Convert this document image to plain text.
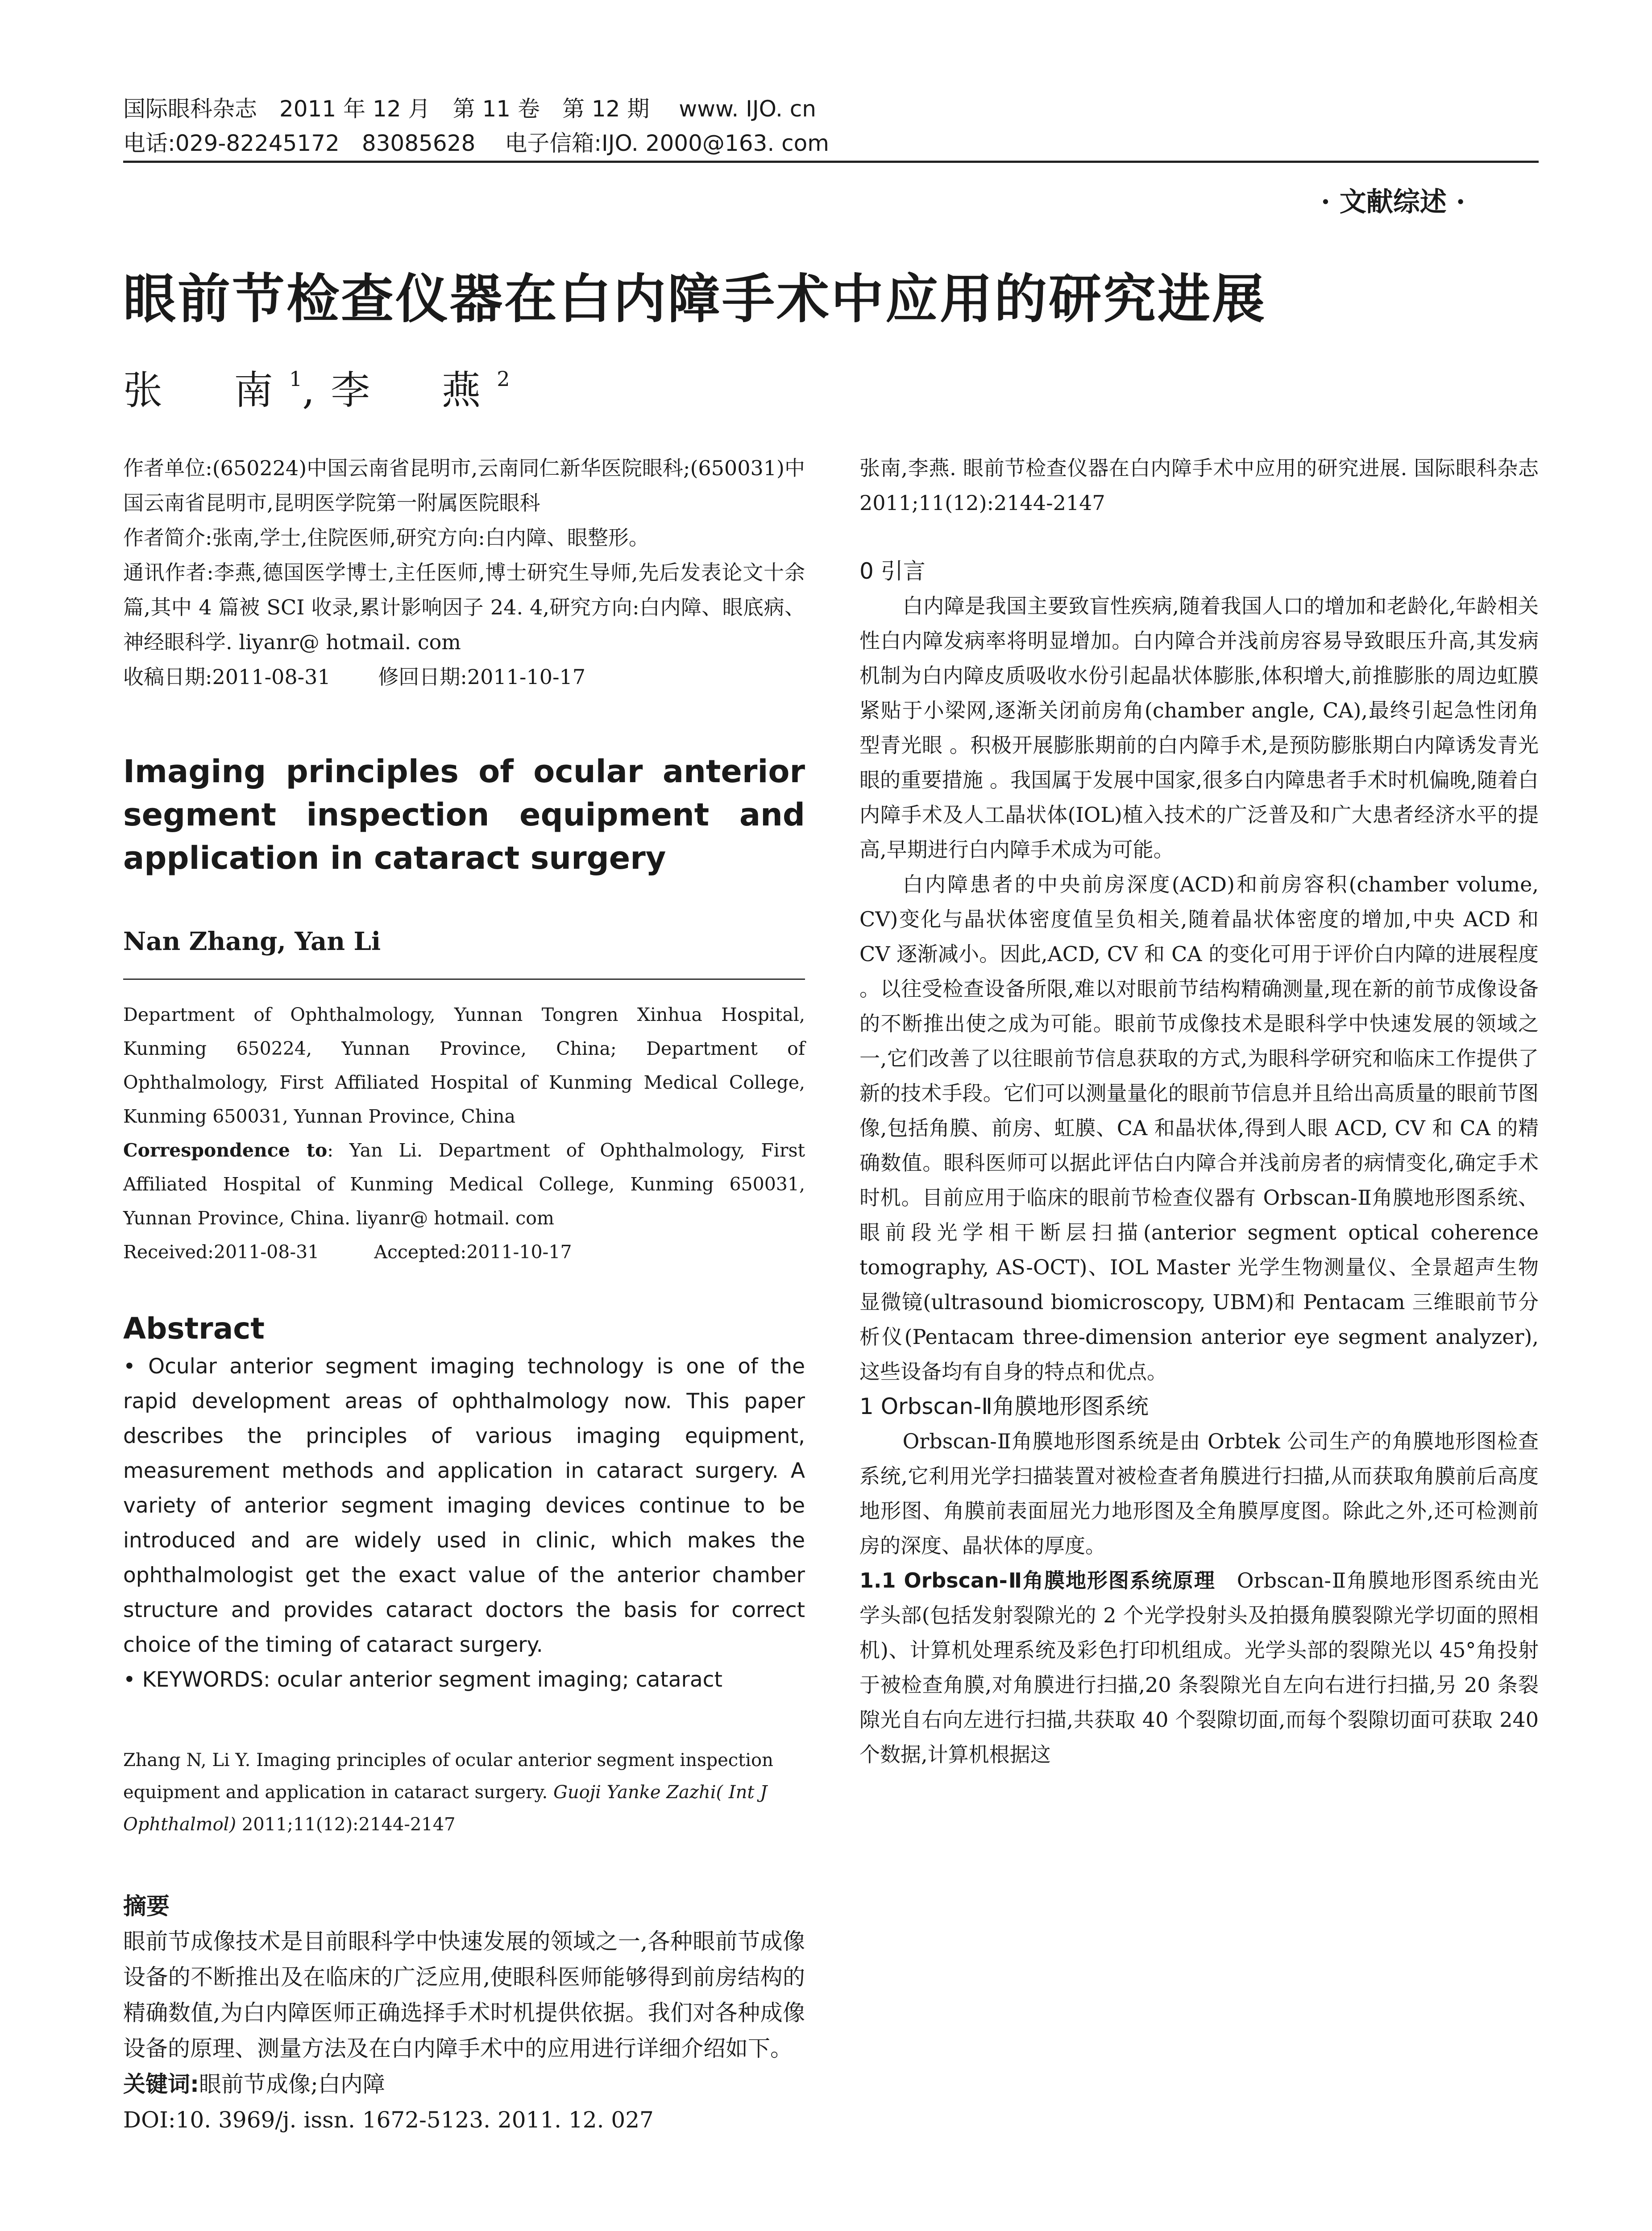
国际眼科杂志　2011 年 12 月　第 11 卷　第 12 期　 www. IJO. cn
电话:029-82245172　83085628　 电子信箱:IJO. 2000@163. com
· 文献综述 ·
眼前节检查仪器在白内障手术中应用的研究进展
张　南$^1$,李　燕$^2$

作者单位:(650224)中国云南省昆明市,云南同仁新华医院眼科;(650031)中国云南省昆明市,昆明医学院第一附属医院眼科

作者简介:张南,学士,住院医师,研究方向:白内障、眼整形。

通讯作者:李燕,德国医学博士,主任医师,博士研究生导师,先后发表论文十余篇,其中 4 篇被 SCI 收录,累计影响因子 24. 4,研究方向:白内障、眼底病、神经眼科学. liyanr@ hotmail. com

收稿日期:2011-08-31　　 修回日期:2011-10-17

Imaging principles of ocular anterior segment inspection equipment and application in cataract surgery
Nan Zhang, Yan Li

Department of Ophthalmology, Yunnan Tongren Xinhua Hospital, Kunming 650224, Yunnan Province, China; Department of Ophthalmology, First Affiliated Hospital of Kunming Medical College, Kunming 650031, Yunnan Province, China

Correspondence to: Yan Li. Department of Ophthalmology, First Affiliated Hospital of Kunming Medical College, Kunming 650031, Yunnan Province, China. liyanr@ hotmail. com

Received:2011-08-31　　　Accepted:2011-10-17

Abstract
• Ocular anterior segment imaging technology is one of the rapid development areas of ophthalmology now. This paper describes the principles of various imaging equipment, measurement methods and application in cataract surgery. A variety of anterior segment imaging devices continue to be introduced and are widely used in clinic, which makes the ophthalmologist get the exact value of the anterior chamber structure and provides cataract doctors the basis for correct choice of the timing of cataract surgery.
• KEYWORDS: ocular anterior segment imaging; cataract
Zhang N, Li Y. Imaging principles of ocular anterior segment inspection equipment and application in cataract surgery. Guoji Yanke Zazhi( Int J Ophthalmol) 2011;11(12):2144-2147
摘要

眼前节成像技术是目前眼科学中快速发展的领域之一,各种眼前节成像设备的不断推出及在临床的广泛应用,使眼科医师能够得到前房结构的精确数值,为白内障医师正确选择手术时机提供依据。我们对各种成像设备的原理、测量方法及在白内障手术中的应用进行详细介绍如下。

关键词:眼前节成像;白内障

DOI:10. 3969/j. issn. 1672-5123. 2011. 12. 027

张南,李燕. 眼前节检查仪器在白内障手术中应用的研究进展. 国际眼科杂志 2011;11(12):2144-2147

0 引言

白内障是我国主要致盲性疾病,随着我国人口的增加和老龄化,年龄相关性白内障发病率将明显增加。白内障合并浅前房容易导致眼压升高,其发病机制为白内障皮质吸收水份引起晶状体膨胀,体积增大,前推膨胀的周边虹膜紧贴于小梁网,逐渐关闭前房角(chamber angle, CA),最终引起急性闭角型青光眼 。积极开展膨胀期前的白内障手术,是预防膨胀期白内障诱发青光眼的重要措施 。我国属于发展中国家,很多白内障患者手术时机偏晚,随着白内障手术及人工晶状体(IOL)植入技术的广泛普及和广大患者经济水平的提高,早期进行白内障手术成为可能。

白内障患者的中央前房深度(ACD)和前房容积(chamber volume, CV)变化与晶状体密度值呈负相关,随着晶状体密度的增加,中央 ACD 和 CV 逐渐减小。因此,ACD, CV 和 CA 的变化可用于评价白内障的进展程度 。以往受检查设备所限,难以对眼前节结构精确测量,现在新的前节成像设备的不断推出使之成为可能。眼前节成像技术是眼科学中快速发展的领域之一,它们改善了以往眼前节信息获取的方式,为眼科学研究和临床工作提供了新的技术手段。它们可以测量量化的眼前节信息并且给出高质量的眼前节图像,包括角膜、前房、虹膜、CA 和晶状体,得到人眼 ACD, CV 和 CA 的精确数值。眼科医师可以据此评估白内障合并浅前房者的病情变化,确定手术时机。目前应用于临床的眼前节检查仪器有 Orbscan-Ⅱ角膜地形图系统、眼前段光学相干断层扫描(anterior segment optical coherence tomography, AS-OCT)、IOL Master 光学生物测量仪、全景超声生物显微镜(ultrasound biomicroscopy, UBM)和 Pentacam 三维眼前节分析仪(Pentacam three-dimension anterior eye segment analyzer),这些设备均有自身的特点和优点。

1 Orbscan-Ⅱ角膜地形图系统

Orbscan-Ⅱ角膜地形图系统是由 Orbtek 公司生产的角膜地形图检查系统,它利用光学扫描装置对被检查者角膜进行扫描,从而获取角膜前后高度地形图、角膜前表面屈光力地形图及全角膜厚度图。除此之外,还可检测前房的深度、晶状体的厚度。

1.1 Orbscan-Ⅱ角膜地形图系统原理　Orbscan-Ⅱ角膜地形图系统由光学头部(包括发射裂隙光的 2 个光学投射头及拍摄角膜裂隙光学切面的照相机)、计算机处理系统及彩色打印机组成。光学头部的裂隙光以 45°角投射于被检查角膜,对角膜进行扫描,20 条裂隙光自左向右进行扫描,另 20 条裂隙光自右向左进行扫描,共获取 40 个裂隙切面,而每个裂隙切面可获取 240 个数据,计算机根据这
